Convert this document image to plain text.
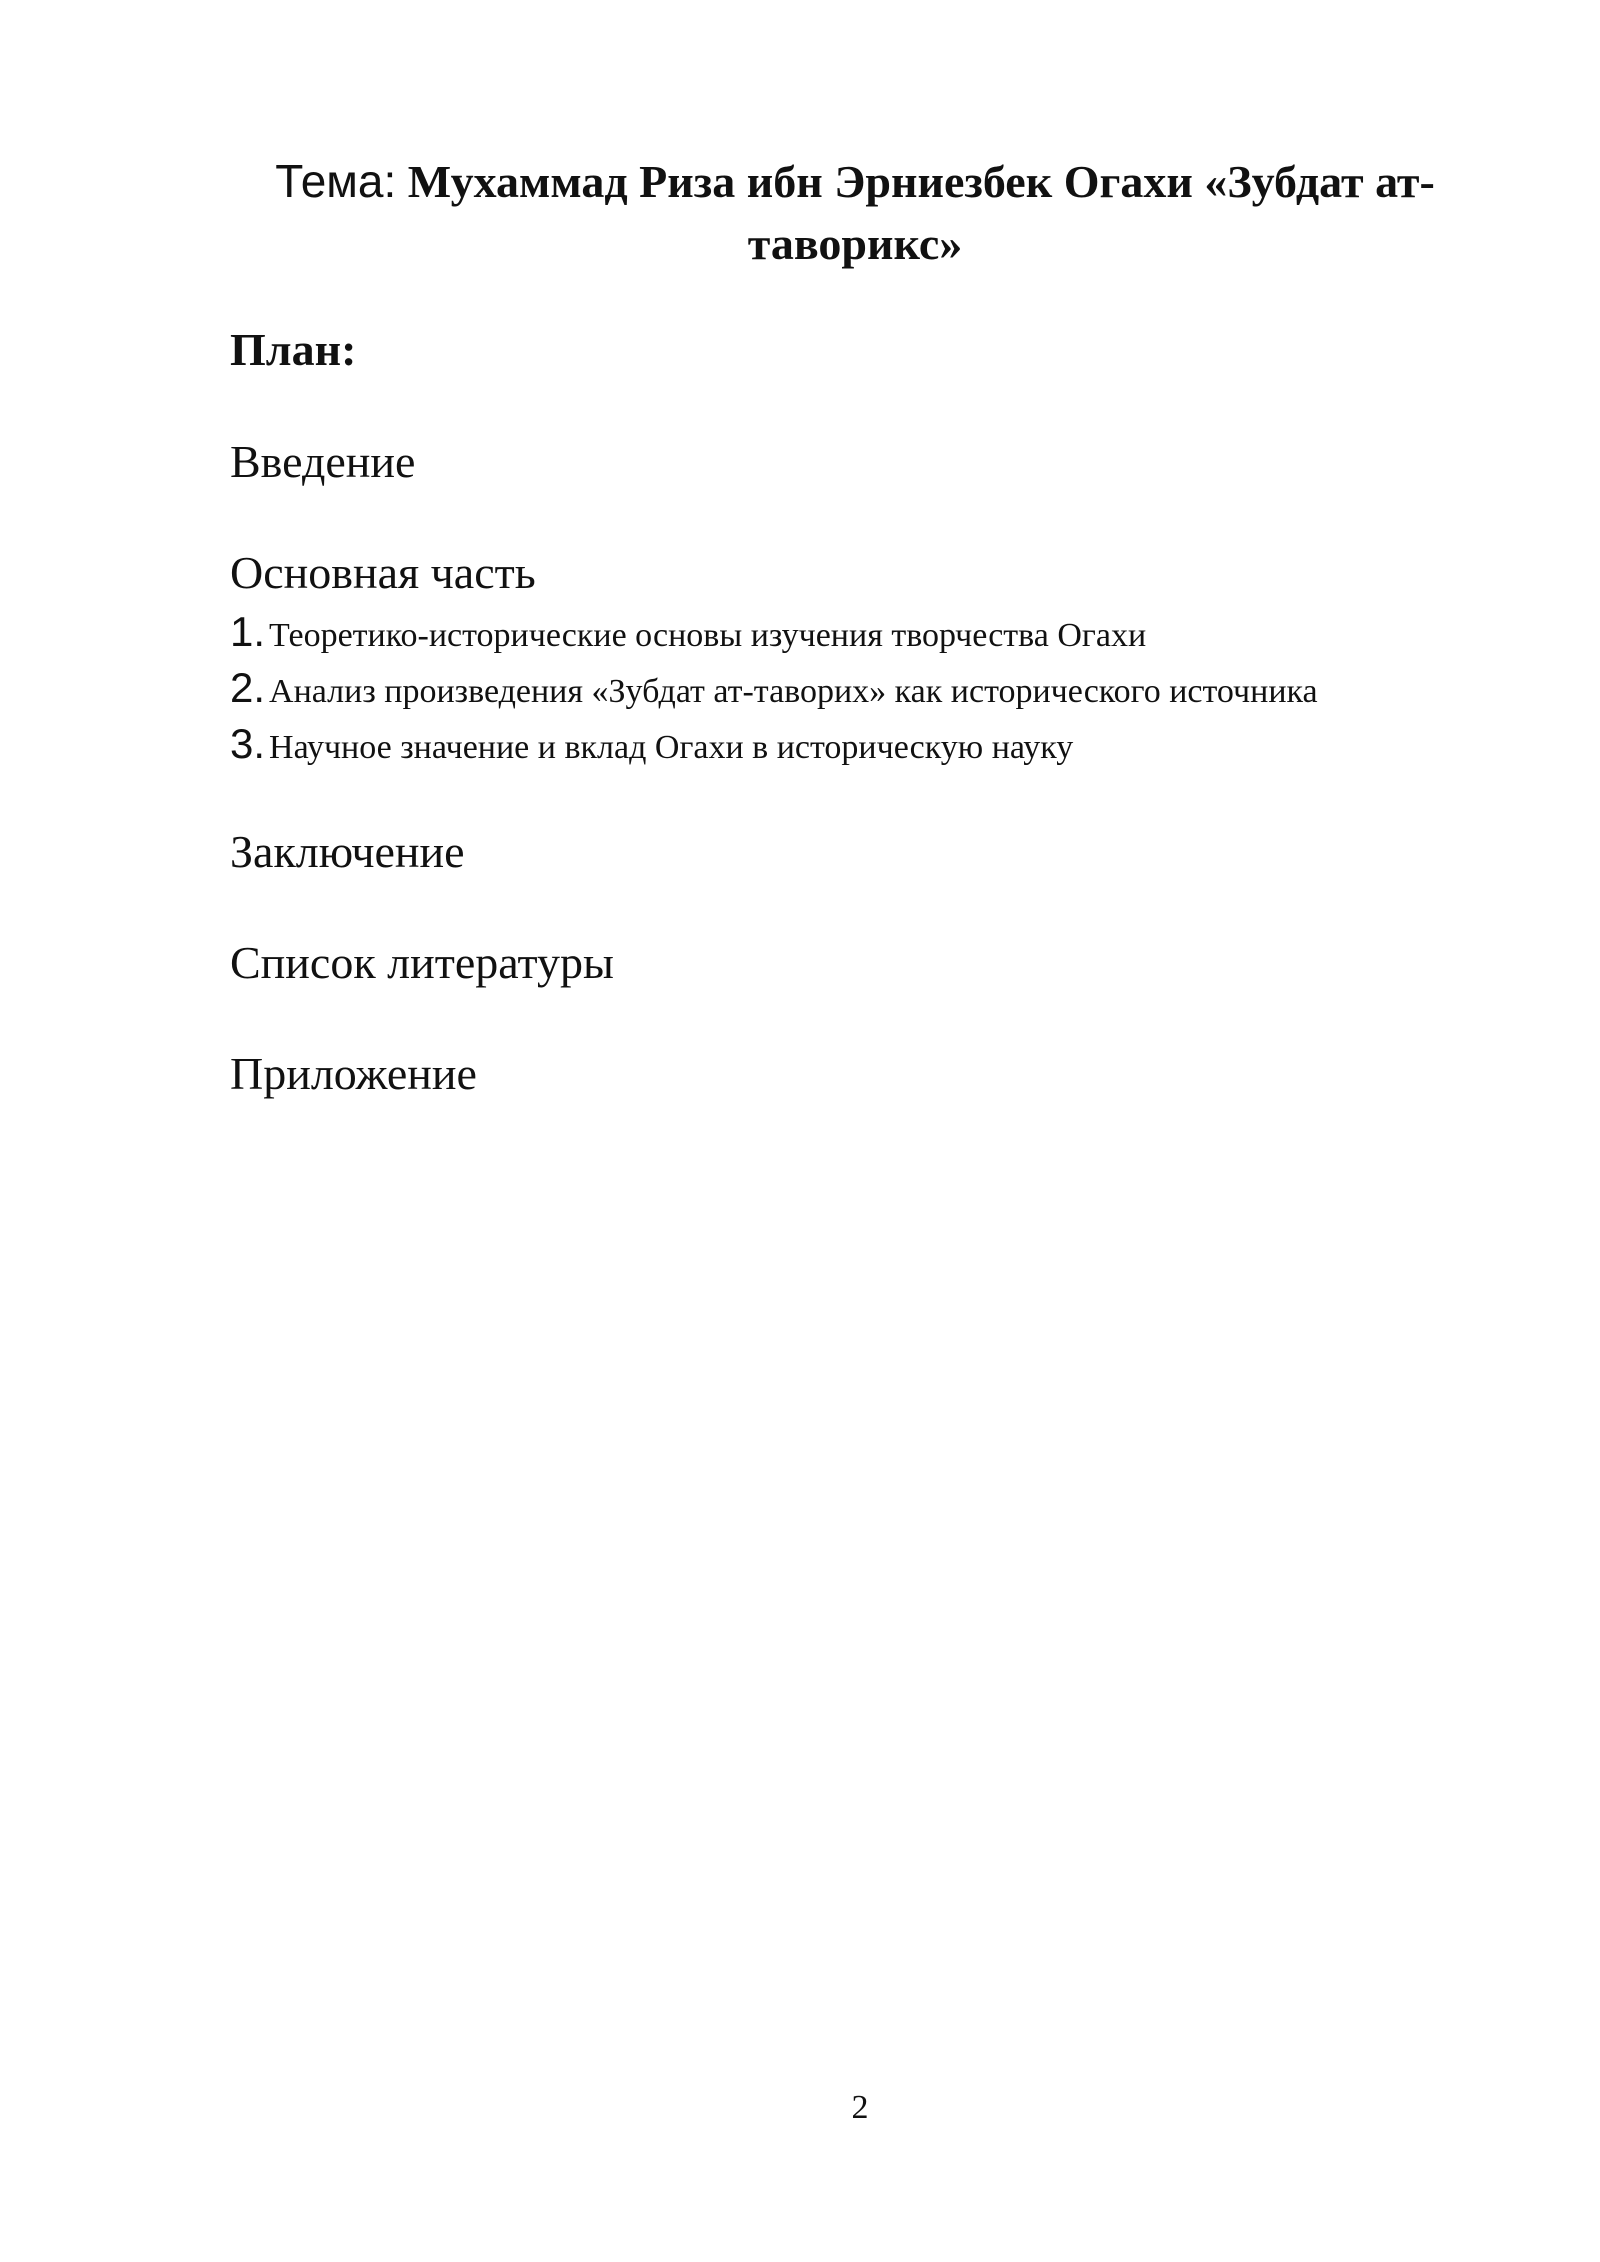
Тема: Мухаммад Риза ибн Эрниезбек Огахи «Зубдат ат-таворикс»
План:
Введение
Основная часть
1. Теоретико-исторические основы изучения творчества Огахи
2. Анализ произведения «Зубдат ат-таворих» как исторического источника
3. Научное значение и вклад Огахи в историческую науку
Заключение
Список литературы
Приложение
2
